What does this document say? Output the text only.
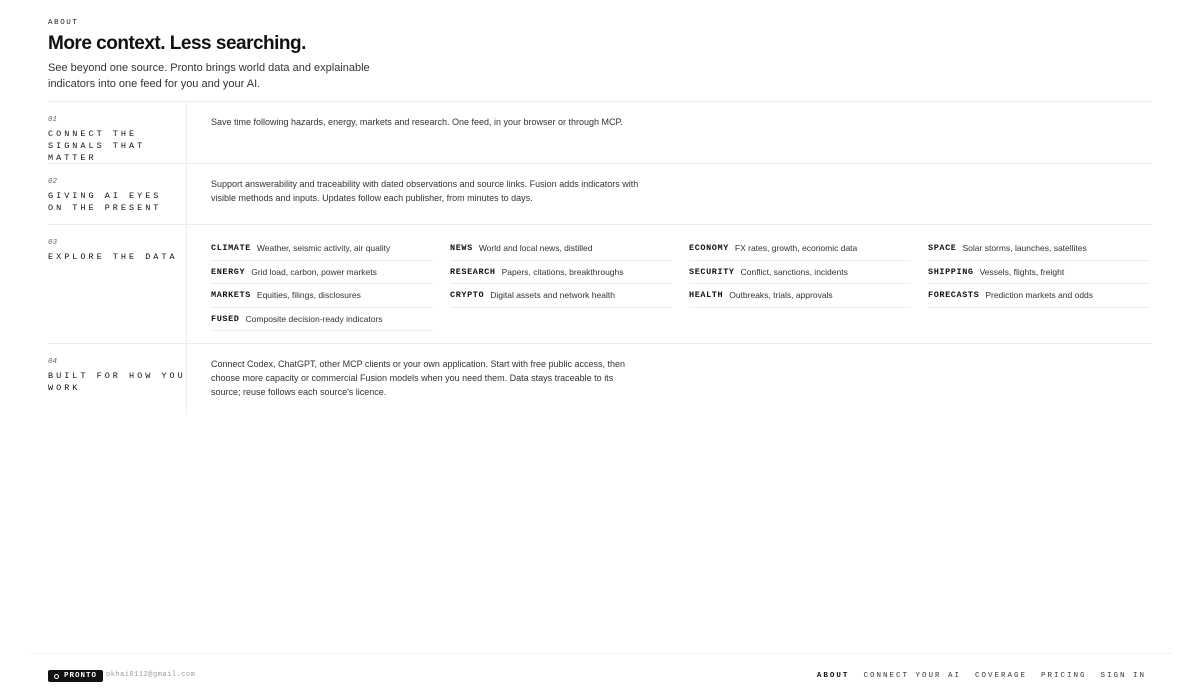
ABOUT
More context. Less searching.

See beyond one source. Pronto brings world data and explainable indicators into one feed for you and your AI.

01
CONNECT THE SIGNALS THAT MATTER

Save time following hazards, energy, markets and research. One feed, in your browser or through MCP.

02
GIVING AI EYES ON THE PRESENT

Support answerability and traceability with dated observations and source links. Fusion adds indicators with visible methods and inputs. Updates follow each publisher, from minutes to days.

03
EXPLORE THE DATA
CLIMATE Weather, seismic activity, air quality
ENERGY Grid load, carbon, power markets
MARKETS Equities, filings, disclosures
FUSED Composite decision-ready indicators
NEWS World and local news, distilled
RESEARCH Papers, citations, breakthroughs
CRYPTO Digital assets and network health
ECONOMY FX rates, growth, economic data
SECURITY Conflict, sanctions, incidents
HEALTH Outbreaks, trials, approvals
SPACE Solar storms, launches, satellites
SHIPPING Vessels, flights, freight
FORECASTS Prediction markets and odds
04
BUILT FOR HOW YOU WORK

Connect Codex, ChatGPT, other MCP clients or your own application. Start with free public access, then choose more capacity or commercial Fusion models when you need them. Data stays traceable to its source; reuse follows each source's licence.

PRONTO okhai0112@gmail.com	ABOUT CONNECT YOUR AI COVERAGE PRICING SIGN IN
